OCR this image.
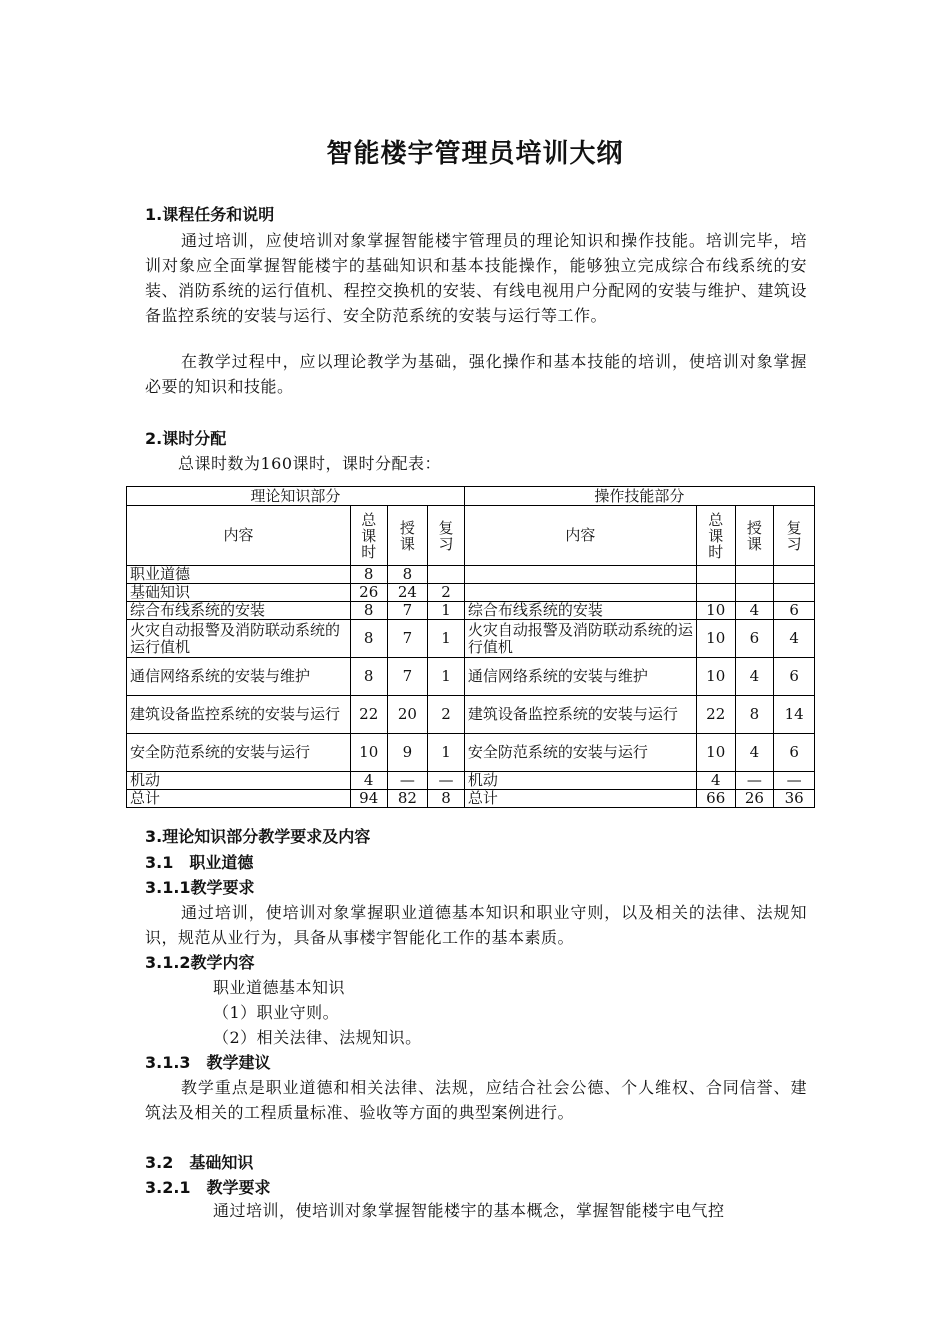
智能楼宇管理员培训大纲
1.课程任务和说明

通过培训，应使培训对象掌握智能楼宇管理员的理论知识和操作技能。培训完毕，培训对象应全面掌握智能楼宇的基础知识和基本技能操作，能够独立完成综合布线系统的安装、消防系统的运行值机、程控交换机的安装、有线电视用户分配网的安装与维护、建筑设备监控系统的安装与运行、安全防范系统的安装与运行等工作。

在教学过程中，应以理论教学为基础，强化操作和基本技能的培训，使培训对象掌握必要的知识和技能。

2.课时分配
总课时数为160课时，课时分配表：
理论知识部分				操作技能部分			
内容	总课时	授课	复习	内容	总课时	授课	复习

职业道德	8	8					
基础知识	26	24	2				
综合布线系统的安装	8	7	1	综合布线系统的安装	10	4	6
火灾自动报警及消防联动系统的运行值机	8	7	1	火灾自动报警及消防联动系统的运行值机	10	6	4
通信网络系统的安装与维护	8	7	1	通信网络系统的安装与维护	10	4	6
建筑设备监控系统的安装与运行	22	20	2	建筑设备监控系统的安装与运行	22	8	14
安全防范系统的安装与运行	10	9	1	安全防范系统的安装与运行	10	4	6
机动	4	—	—	机动	4	—	—
总计	94	82	8	总计	66	26	36
3.理论知识部分教学要求及内容
3.1　职业道德
3.1.1教学要求

通过培训，使培训对象掌握职业道德基本知识和职业守则，以及相关的法律、法规知识，规范从业行为，具备从事楼宇智能化工作的基本素质。

3.1.2教学内容
职业道德基本知识
（1）职业守则。
（2）相关法律、法规知识。
3.1.3　教学建议

教学重点是职业道德和相关法律、法规，应结合社会公德、个人维权、合同信誉、建筑法及相关的工程质量标准、验收等方面的典型案例进行。

3.2　基础知识
3.2.1　教学要求
通过培训，使培训对象掌握智能楼宇的基本概念，掌握智能楼宇电气控
